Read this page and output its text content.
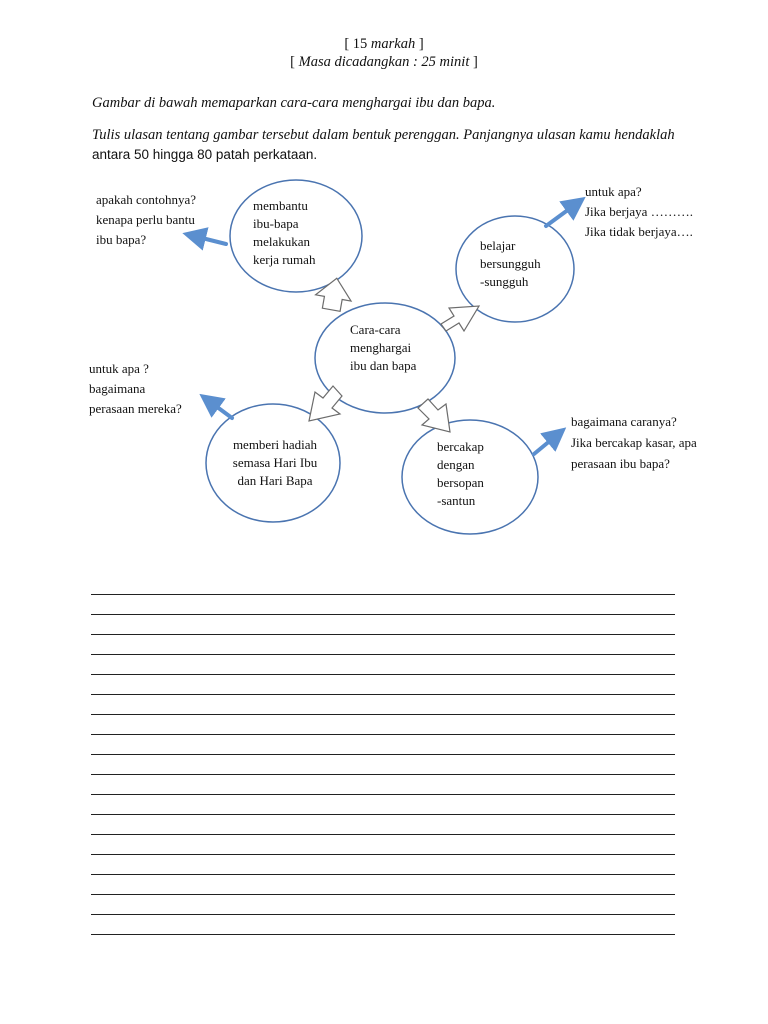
[ 15 markah ]
[ Masa dicadangkan : 25 minit ]
Gambar di bawah memaparkan cara-cara menghargai ibu dan bapa.
Tulis ulasan tentang gambar tersebut dalam bentuk perenggan. Panjangnya ulasan kamu hendaklah antara 50 hingga 80 patah perkataan.
Cara-cara
menghargai
ibu dan bapa
membantu
ibu-bapa
melakukan
kerja rumah
belajar
bersungguh
-sungguh
memberi hadiah
semasa Hari Ibu
dan Hari Bapa
bercakap
dengan
bersopan
-santun
apakah contohnya?
kenapa perlu bantu
ibu bapa?
untuk apa?
Jika berjaya ……….
Jika tidak berjaya….
untuk apa ?
bagaimana
perasaan mereka?
bagaimana caranya?
Jika bercakap kasar, apa
perasaan ibu bapa?
